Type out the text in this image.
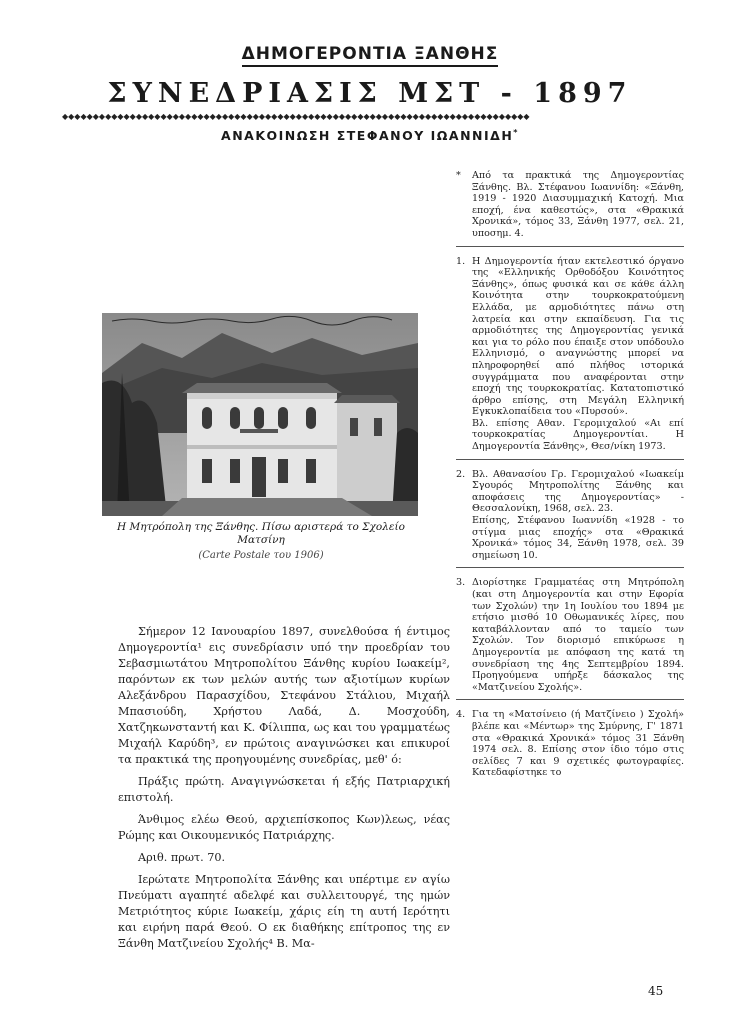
ΔΗΜΟΓΕΡΟΝΤΙΑ ΞΑΝΘΗΣ
ΣΥΝΕΔΡΙΑΣΙΣ ΜΣΤ - 1897
◆◆◆◆◆◆◆◆◆◆◆◆◆◆◆◆◆◆◆◆◆◆◆◆◆◆◆◆◆◆◆◆◆◆◆◆◆◆◆◆◆◆◆◆◆◆◆◆◆◆◆◆◆◆◆◆◆◆◆◆◆◆◆◆◆◆◆◆◆◆◆◆◆◆◆◆
ΑΝΑΚΟΙΝΩΣΗ ΣΤΕΦΑΝΟΥ ΙΩΑΝΝΙΔΗ*
Η Μητρόπολη της Ξάνθης. Πίσω αριστερά το Σχολείο Ματσίνη
(Carte Postale του 1906)

Σήμερον 12 Ιανουαρίου 1897, συνελθούσα ή έντιμος Δημογεροντία¹ εις συνεδρίασιν υπό την προεδρίαν του Σεβασμιωτάτου Μητροπολίτου Ξάνθης κυρίου Ιωακείμ², παρόντων εκ των μελών αυτής των αξιοτίμων κυρίων Αλεξάνδρου Παρασχίδου, Στεφάνου Στάλιου, Μιχαήλ Μπασιούδη, Χρήστου Λαδά, Δ. Μοσχούδη, Χατζηκωνσταντή και Κ. Φίλιππα, ως και του γραμματέως Μιχαήλ Καρύδη³, εν πρώτοις αναγινώσκει και επικυροί τα πρακτικά της προηγουμένης συνεδρίας, μεθ' ό:

Πράξις πρώτη. Αναγιγνώσκεται ή εξής Πατριαρχική επιστολή.

Άνθιμος ελέω Θεού, αρχιεπίσκοπος Κων)λεως, νέας Ρώμης και Οικουμενικός Πατριάρχης.

Αριθ. πρωτ. 70.

Ιερώτατε Μητροπολίτα Ξάνθης και υπέρτιμε εν αγίω Πνεύματι αγαπητέ αδελφέ και συλλειτουργέ, της ημών Μετριότητος κύριε Ιωακείμ, χάρις είη τη αυτή Ιερότητι και ειρήνη παρά Θεού. Ο εκ διαθήκης επίτροπος της εν Ξάνθη Ματζινείου Σχολής⁴ Β. Μα-

* Από τα πρακτικά της Δημογεροντίας Ξάνθης. Βλ. Στέφανου Ιωαννίδη: «Ξάνθη, 1919 - 1920 Διασυμμαχική Κατοχή. Μια εποχή, ένα καθεστώς», στα «Θρακικά Χρονικά», τόμος 33, Ξάνθη 1977, σελ. 21, υποσημ. 4.

1. Η Δημογεροντία ήταν εκτελεστικό όργανο της «Ελληνικής Ορθοδόξου Κοινότητος Ξάνθης», όπως φυσικά και σε κάθε άλλη Κοινότητα στην τουρκοκρατούμενη Ελλάδα, με αρμοδιότητες πάνω στη λατρεία και στην εκπαίδευση. Για τις αρμοδιότητες της Δημογεροντίας γενικά και για το ρόλο που έπαιξε στον υπόδουλο Ελληνισμό, ο αναγνώστης μπορεί να πληροφορηθεί από πλήθος ιστορικά συγγράμματα που αναφέρονται στην εποχή της τουρκοκρατίας. Κατατοπιστικό άρθρο επίσης, στη Μεγάλη Ελληνική Εγκυκλοπαίδεια του «Πυρσού».

Βλ. επίσης Αθαν. Γερομιχαλού «Αι επί τουρκοκρατίας Δημογεροντίαι. Η Δημογεροντία Ξάνθης», Θεσ/νίκη 1973.

2. Βλ. Αθανασίου Γρ. Γερομιχαλού «Ιωακείμ Σγουρός Μητροπολίτης Ξάνθης και αποφάσεις της Δημογεροντίας» - Θεσσαλονίκη, 1968, σελ. 23.

Επίσης, Στέφανου Ιωαννίδη «1928 - το στίγμα μιας εποχής» στα «Θρακικά Χρονικά» τόμος 34, Ξάνθη 1978, σελ. 39 σημείωση 10.

3. Διορίστηκε Γραμματέας στη Μητρόπολη (και στη Δημογεροντία και στην Εφορία των Σχολών) την 1η Ιουλίου του 1894 με ετήσιο μισθό 10 Οθωμανικές λίρες, που καταβάλλονταν από το ταμείο των Σχολών. Τον διορισμό επικύρωσε η Δημογεροντία με απόφαση της κατά τη συνεδρίαση της 4ης Σεπτεμβρίου 1894. Προηγούμενα υπήρξε δάσκαλος της «Ματζινείου Σχολής».

4. Για τη «Ματσίνειο (ή Ματζίνειο ) Σχολή» βλέπε και «Μέντωρ» της Σμύρνης, Γ' 1871 στα «Θρακικά Χρονικά» τόμος 31 Ξάνθη 1974 σελ. 8. Επίσης στον ίδιο τόμο στις σελίδες 7 και 9 σχετικές φωτογραφίες. Κατεδαφίστηκε το

45
